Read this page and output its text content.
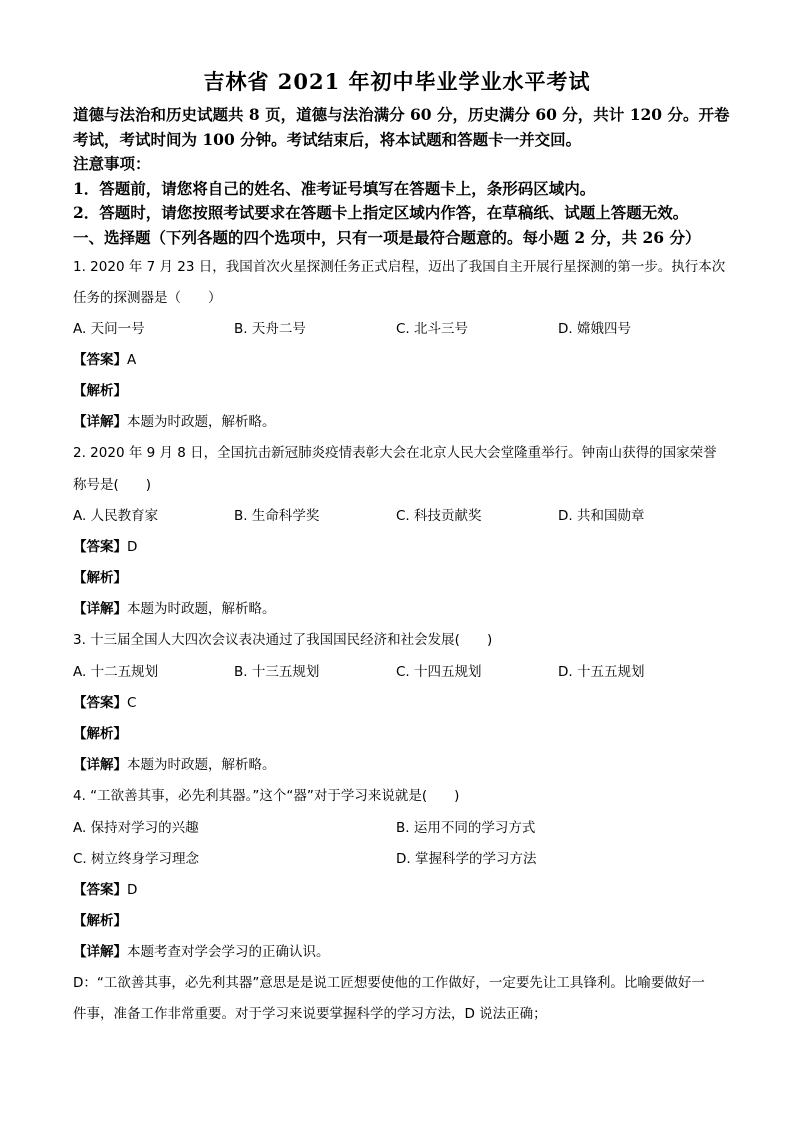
吉林省 2021 年初中毕业学业水平考试
道德与法治和历史试题共 8 页，道德与法治满分 60 分，历史满分 60 分，共计 120 分。开卷
考试，考试时间为 100 分钟。考试结束后，将本试题和答题卡一并交回。
注意事项：
1．答题前，请您将自己的姓名、准考证号填写在答题卡上，条形码区域内。
2．答题时，请您按照考试要求在答题卡上指定区域内作答，在草稿纸、试题上答题无效。
一、选择题（下列各题的四个选项中，只有一项是最符合题意的。每小题 2 分，共 26 分）
1. 2020 年 7 月 23 日，我国首次火星探测任务正式启程，迈出了我国自主开展行星探测的第一步。执行本次
任务的探测器是（　　）
A. 天问一号	B. 天舟二号	C. 北斗三号	D. 嫦娥四号
【答案】A
【解析】
【详解】本题为时政题，解析略。
2. 2020 年 9 月 8 日，全国抗击新冠肺炎疫情表彰大会在北京人民大会堂隆重举行。钟南山获得的国家荣誉
称号是(　　)
A. 人民教育家	B. 生命科学奖	C. 科技贡献奖	D. 共和国勋章
【答案】D
【解析】
【详解】本题为时政题，解析略。
3. 十三届全国人大四次会议表决通过了我国国民经济和社会发展(　　)
A. 十二五规划	B. 十三五规划	C. 十四五规划	D. 十五五规划
【答案】C
【解析】
【详解】本题为时政题，解析略。
4. “工欲善其事，必先利其器。”这个“器”对于学习来说就是(　　)
A. 保持对学习的兴趣	B. 运用不同的学习方式
C. 树立终身学习理念	D. 掌握科学的学习方法
【答案】D
【解析】
【详解】本题考查对学会学习的正确认识。
D：“工欲善其事，必先利其器”意思是是说工匠想要使他的工作做好，一定要先让工具锋利。比喻要做好一
件事，准备工作非常重要。对于学习来说要掌握科学的学习方法，D 说法正确；
